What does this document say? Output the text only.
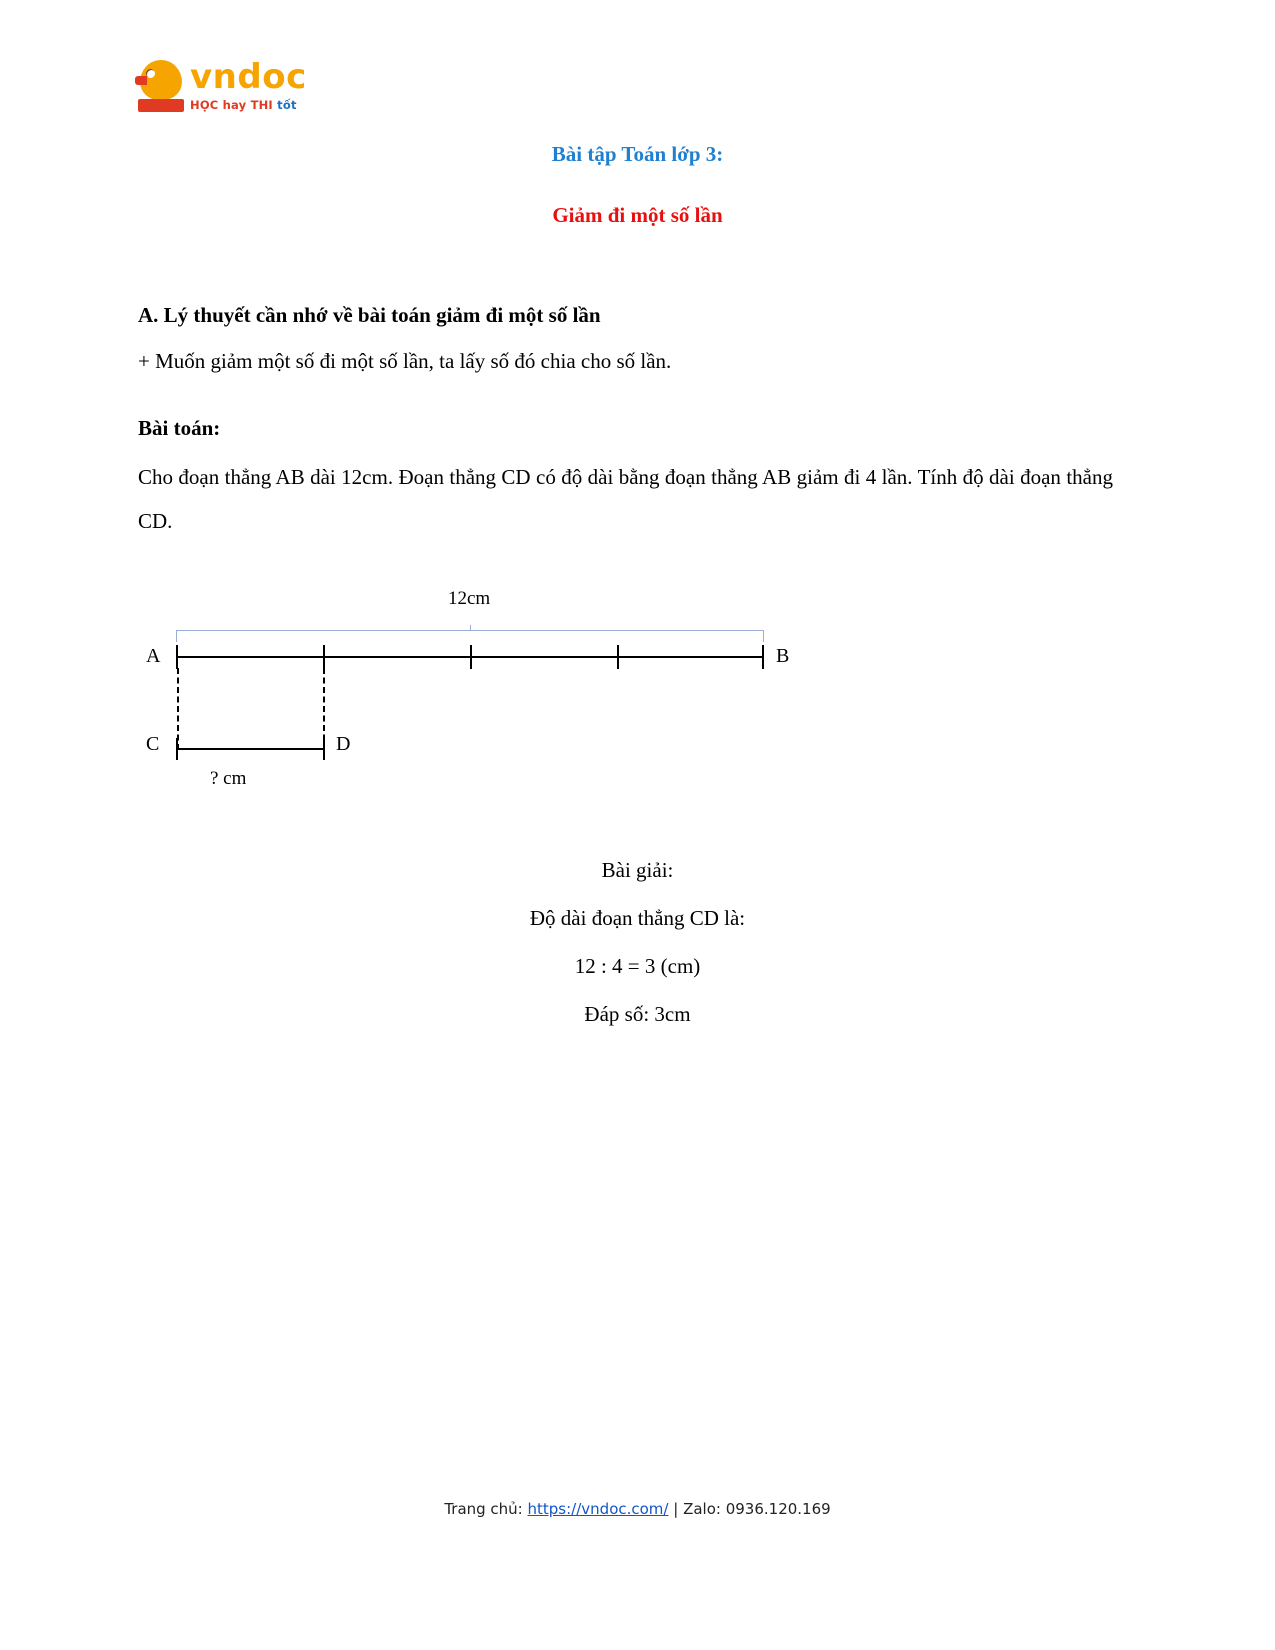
vndoc
HỌC hay THI tốt
Bài tập Toán lớp 3:
Giảm đi một số lần

A. Lý thuyết cần nhớ về bài toán giảm đi một số lần

+ Muốn giảm một số đi một số lần, ta lấy số đó chia cho số lần.

Bài toán:

Cho đoạn thẳng AB dài 12cm. Đoạn thẳng CD có độ dài bằng đoạn thẳng AB giảm đi 4 lần. Tính độ dài đoạn thẳng CD.

12cm
A	B
C	D
? cm

Bài giải:

Độ dài đoạn thẳng CD là:

12 : 4 = 3 (cm)

Đáp số: 3cm

Trang chủ: https://vndoc.com/ | Zalo: 0936.120.169
